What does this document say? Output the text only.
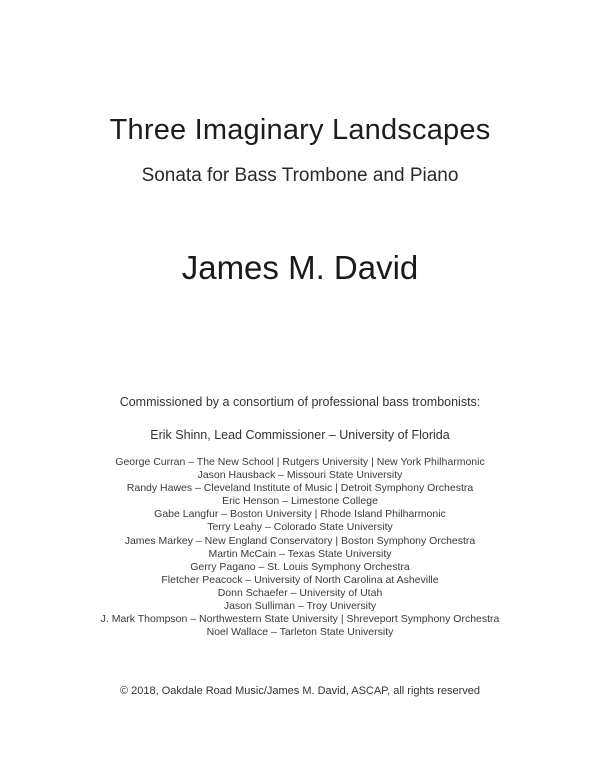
Three Imaginary Landscapes
Sonata for Bass Trombone and Piano
James M. David
Commissioned by a consortium of professional bass trombonists:
Erik Shinn, Lead Commissioner – University of Florida
George Curran – The New School | Rutgers University | New York Philharmonic
Jason Hausback – Missouri State University
Randy Hawes – Cleveland Institute of Music | Detroit Symphony Orchestra
Eric Henson – Limestone College
Gabe Langfur – Boston University | Rhode Island Philharmonic
Terry Leahy – Colorado State University
James Markey – New England Conservatory | Boston Symphony Orchestra
Martin McCain – Texas State University
Gerry Pagano – St. Louis Symphony Orchestra
Fletcher Peacock – University of North Carolina at Asheville
Donn Schaefer – University of Utah
Jason Sulliman – Troy University
J. Mark Thompson – Northwestern State University | Shreveport Symphony Orchestra
Noel Wallace – Tarleton State University
© 2018, Oakdale Road Music/James M. David, ASCAP, all rights reserved
